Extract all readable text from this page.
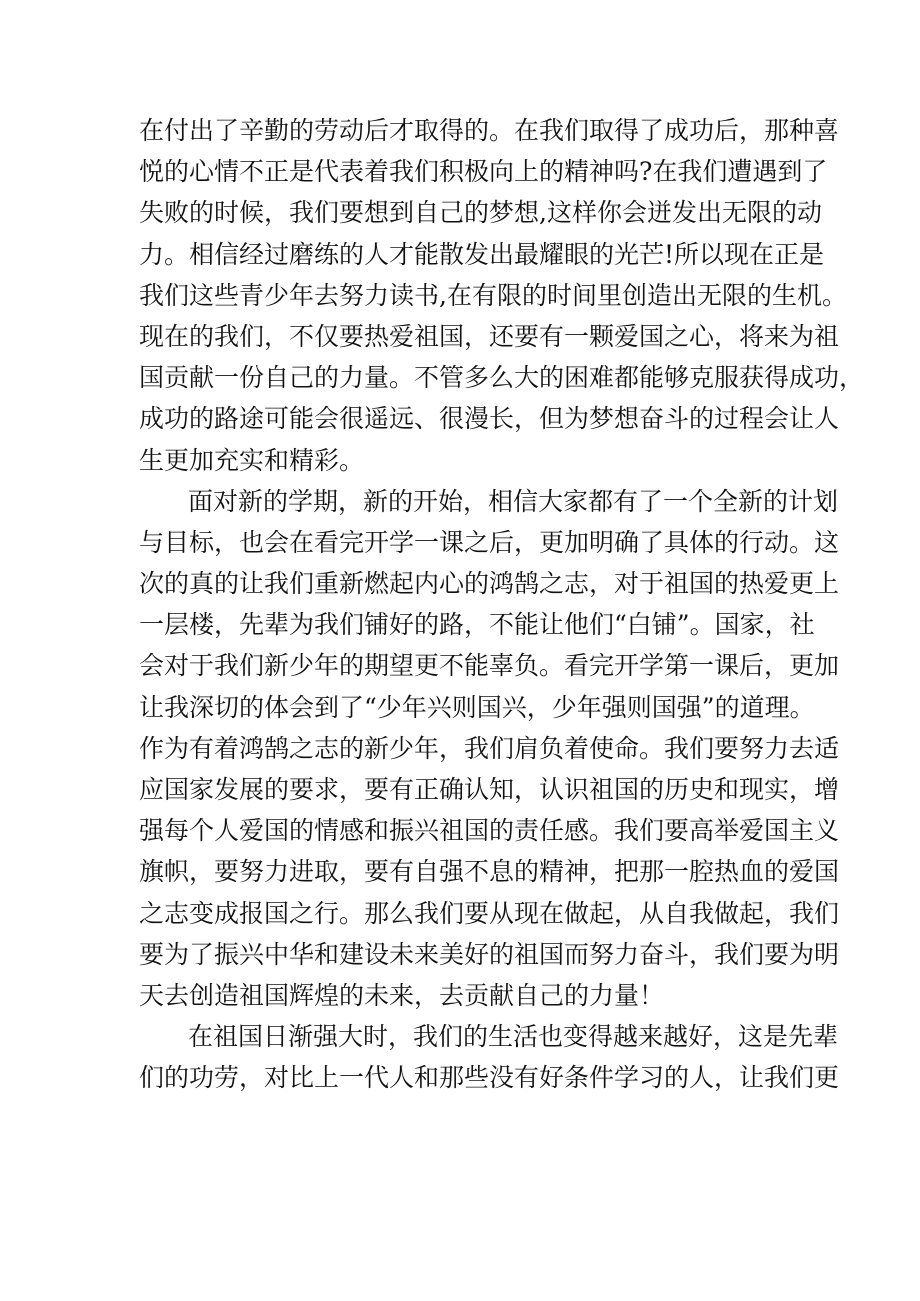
在付出了辛勤的劳动后才取得的。在我们取得了成功后，那种喜
悦的心情不正是代表着我们积极向上的精神吗?在我们遭遇到了
失败的时候，我们要想到自己的梦想,这样你会迸发出无限的动
力。相信经过磨练的人才能散发出最耀眼的光芒!所以现在正是
我们这些青少年去努力读书,在有限的时间里创造出无限的生机。
现在的我们，不仅要热爱祖国，还要有一颗爱国之心，将来为祖
国贡献一份自己的力量。不管多么大的困难都能够克服获得成功，
成功的路途可能会很遥远、很漫长，但为梦想奋斗的过程会让人
生更加充实和精彩。
面对新的学期，新的开始，相信大家都有了一个全新的计划
与目标，也会在看完开学一课之后，更加明确了具体的行动。这
次的真的让我们重新燃起内心的鸿鹄之志，对于祖国的热爱更上
一层楼，先辈为我们铺好的路，不能让他们“白铺”。国家，社
会对于我们新少年的期望更不能辜负。看完开学第一课后，更加
让我深切的体会到了“少年兴则国兴，少年强则国强”的道理。
作为有着鸿鹄之志的新少年，我们肩负着使命。我们要努力去适
应国家发展的要求，要有正确认知，认识祖国的历史和现实，增
强每个人爱国的情感和振兴祖国的责任感。我们要高举爱国主义
旗帜，要努力进取，要有自强不息的精神，把那一腔热血的爱国
之志变成报国之行。那么我们要从现在做起，从自我做起，我们
要为了振兴中华和建设未来美好的祖国而努力奋斗，我们要为明
天去创造祖国辉煌的未来，去贡献自己的力量！
在祖国日渐强大时，我们的生活也变得越来越好，这是先辈
们的功劳，对比上一代人和那些没有好条件学习的人，让我们更
